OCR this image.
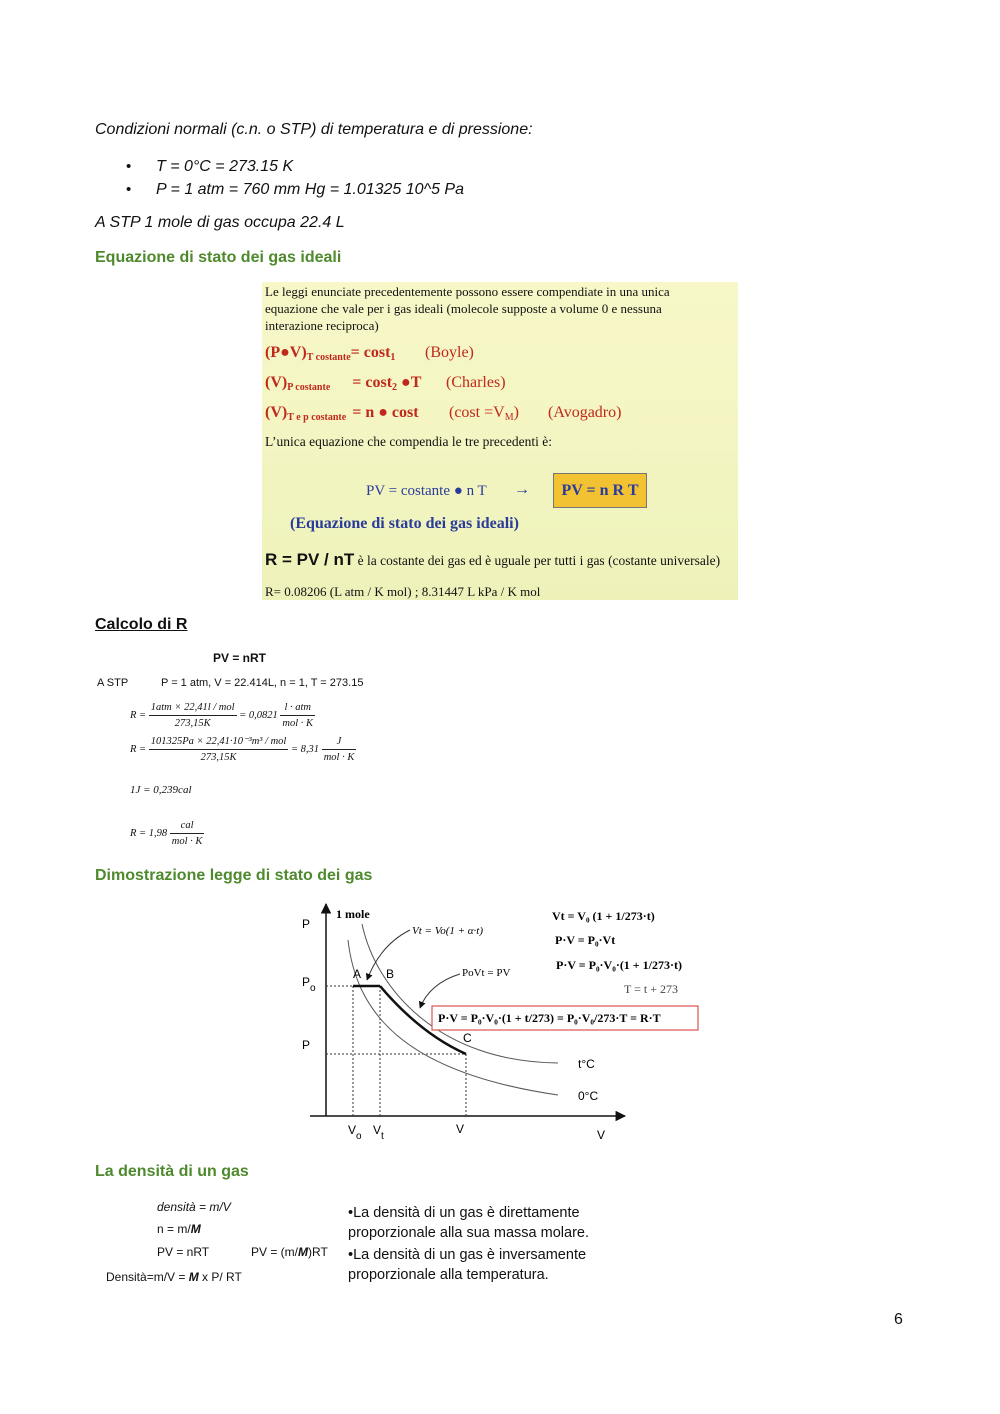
Condizioni normali (c.n. o STP) di temperatura e di pressione:

• T = 0°C = 273.15 K
• P = 1 atm = 760 mm Hg = 1.01325 10^5 Pa

A STP 1 mole di gas occupa 22.4 L

Equazione di stato dei gas ideali
Le leggi enunciate precedentemente possono essere compendiate in una unica
equazione che vale per i gas ideali (molecole supposte a volume 0 e nessuna
interazione reciproca)
$(P●V)_{T costante}= \cos t_1$ (Boyle)
$(V)_{P costante} = \cos t_2$ ●T (Charles)
$(V)_{T e p costante} = n$ ● cost $(\cos t =V_M)$ (Avogadro)
L’unica equazione che compendia le tre precedenti è:
PV = costante ● n T →	PV = n R T
(Equazione di stato dei gas ideali)
R = PV / nT è la costante dei gas ed è uguale per tutti i gas (costante universale)
R= 0.08206 (L atm / K mol) ; 8.31447 L kPa / K mol
Calcolo di R
PV = nRT
A STP	P = 1 atm, V = 22.414L, n = 1, T = 273.15
$R = \frac{\text{1atm × 22,41l / mol}}{273,15K} = 0,0821 \frac{\text{l · atm}}{\text{mol · K}}$
$R = \frac{\text{101325Pa × 22,41·10⁻³m³ / mol}}{273,15K} = 8,31 \frac{J}{\text{mol · K}}$
1J = 0,239cal
$R = 1,98 \frac{\text{cal}}{\text{mol · K}}$
Dimostrazione legge di stato dei gas
P
1 mole
$P_o$
P
$V_o$ $V_t$
V	V
A B
C
t°C
0°C
Vt = Vo(1 + α·t)
PoVt = PV
Vt = V₀ (1 + 1/273·t)
P·V = P₀·Vt
P·V = P₀·V₀·(1 + 1/273·t)
T = t + 273
P·V = P₀·V₀·(1 + t/273) = P₀·V₀/273·T = R·T
La densità di un gas
densità = m/V
n = m/M
PV = nRT	PV = (m/M)RT
Densità=m/V = M x P/ RT
•La densità di un gas è direttamente
proporzionale alla sua massa molare.
•La densità di un gas è inversamente
proporzionale alla temperatura.
6
